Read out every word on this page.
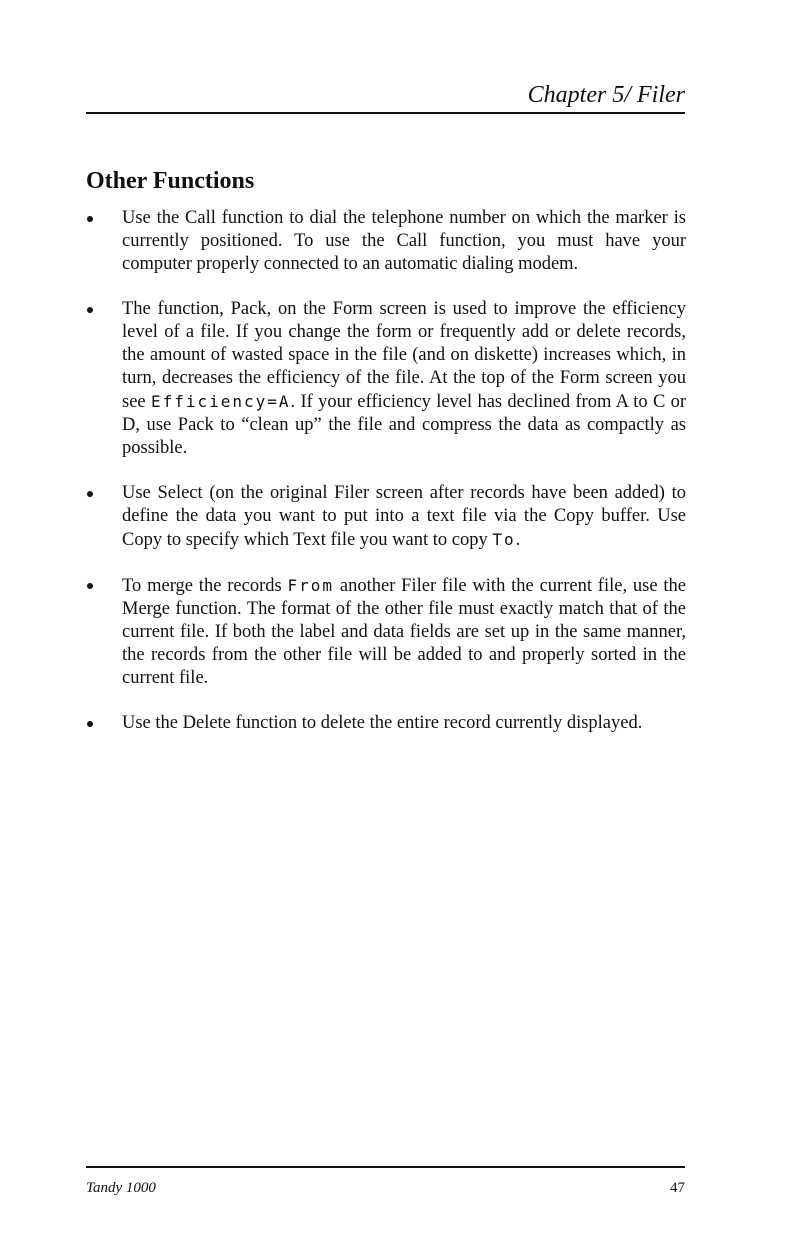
Chapter 5/ Filer
Other Functions
Use the Call function to dial the telephone number on which the marker is currently positioned. To use the Call function, you must have your computer properly connected to an automatic dialing modem.
The function, Pack, on the Form screen is used to improve the efficiency level of a file. If you change the form or frequently add or delete records, the amount of wasted space in the file (and on diskette) increases which, in turn, decreases the efficiency of the file. At the top of the Form screen you see Efficiency=A. If your efficiency level has declined from A to C or D, use Pack to “clean up” the file and compress the data as compactly as possible.
Use Select (on the original Filer screen after records have been added) to define the data you want to put into a text file via the Copy buffer. Use Copy to specify which Text file you want to copy To.
To merge the records From another Filer file with the current file, use the Merge function. The format of the other file must exactly match that of the current file. If both the label and data fields are set up in the same manner, the records from the other file will be added to and properly sorted in the current file.
Use the Delete function to delete the entire record currently displayed.
Tandy 1000	47
